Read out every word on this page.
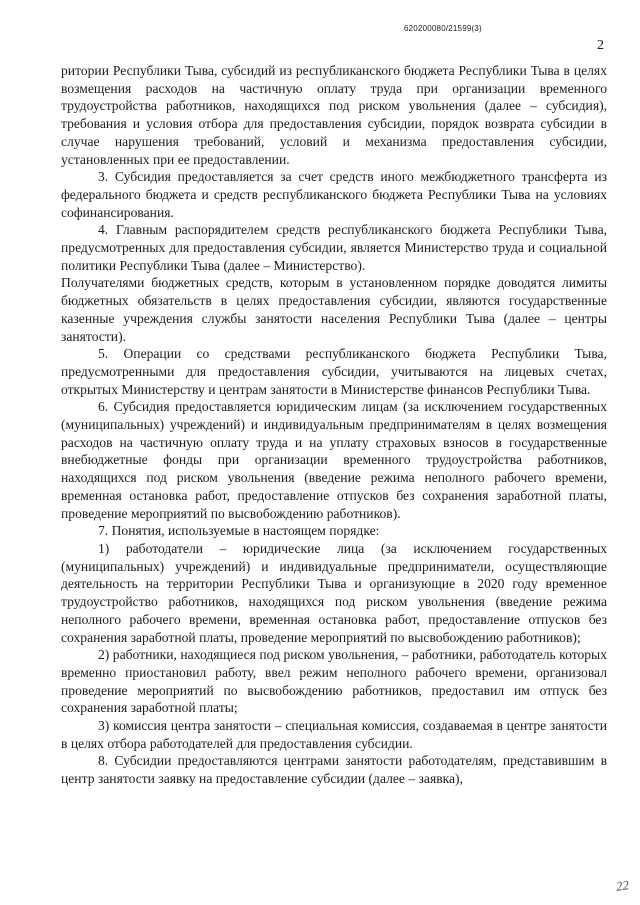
620200080/21599(3)
2

ритории Республики Тыва, субсидий из республиканского бюджета Республики Тыва в целях возмещения расходов на частичную оплату труда при организации временного трудоустройства работников, находящихся под риском увольнения (далее – субсидия), требования и условия отбора для предоставления субсидии, порядок возврата субсидии в случае нарушения требований, условий и механизма предоставления субсидии, установленных при ее предоставлении.

3. Субсидия предоставляется за счет средств иного межбюджетного трансферта из федерального бюджета и средств республиканского бюджета Республики Тыва на условиях софинансирования.

4. Главным распорядителем средств республиканского бюджета Республики Тыва, предусмотренных для предоставления субсидии, является Министерство труда и социальной политики Республики Тыва (далее – Министерство).

Получателями бюджетных средств, которым в установленном порядке доводятся лимиты бюджетных обязательств в целях предоставления субсидии, являются государственные казенные учреждения службы занятости населения Республики Тыва (далее – центры занятости).

5. Операции со средствами республиканского бюджета Республики Тыва, предусмотренными для предоставления субсидии, учитываются на лицевых счетах, открытых Министерству и центрам занятости в Министерстве финансов Республики Тыва.

6. Субсидия предоставляется юридическим лицам (за исключением государственных (муниципальных) учреждений) и индивидуальным предпринимателям в целях возмещения расходов на частичную оплату труда и на уплату страховых взносов в государственные внебюджетные фонды при организации временного трудоустройства работников, находящихся под риском увольнения (введение режима неполного рабочего времени, временная остановка работ, предоставление отпусков без сохранения заработной платы, проведение мероприятий по высвобождению работников).

7. Понятия, используемые в настоящем порядке:

1) работодатели – юридические лица (за исключением государственных (муниципальных) учреждений) и индивидуальные предприниматели, осуществляющие деятельность на территории Республики Тыва и организующие в 2020 году временное трудоустройство работников, находящихся под риском увольнения (введение режима неполного рабочего времени, временная остановка работ, предоставление отпусков без сохранения заработной платы, проведение мероприятий по высвобождению работников);

2) работники, находящиеся под риском увольнения, – работники, работодатель которых временно приостановил работу, ввел режим неполного рабочего времени, организовал проведение мероприятий по высвобождению работников, предоставил им отпуск без сохранения заработной платы;

3) комиссия центра занятости – специальная комиссия, создаваемая в центре занятости в целях отбора работодателей для предоставления субсидии.

8. Субсидии предоставляются центрами занятости работодателям, представившим в центр занятости заявку на предоставление субсидии (далее – заявка),

22
